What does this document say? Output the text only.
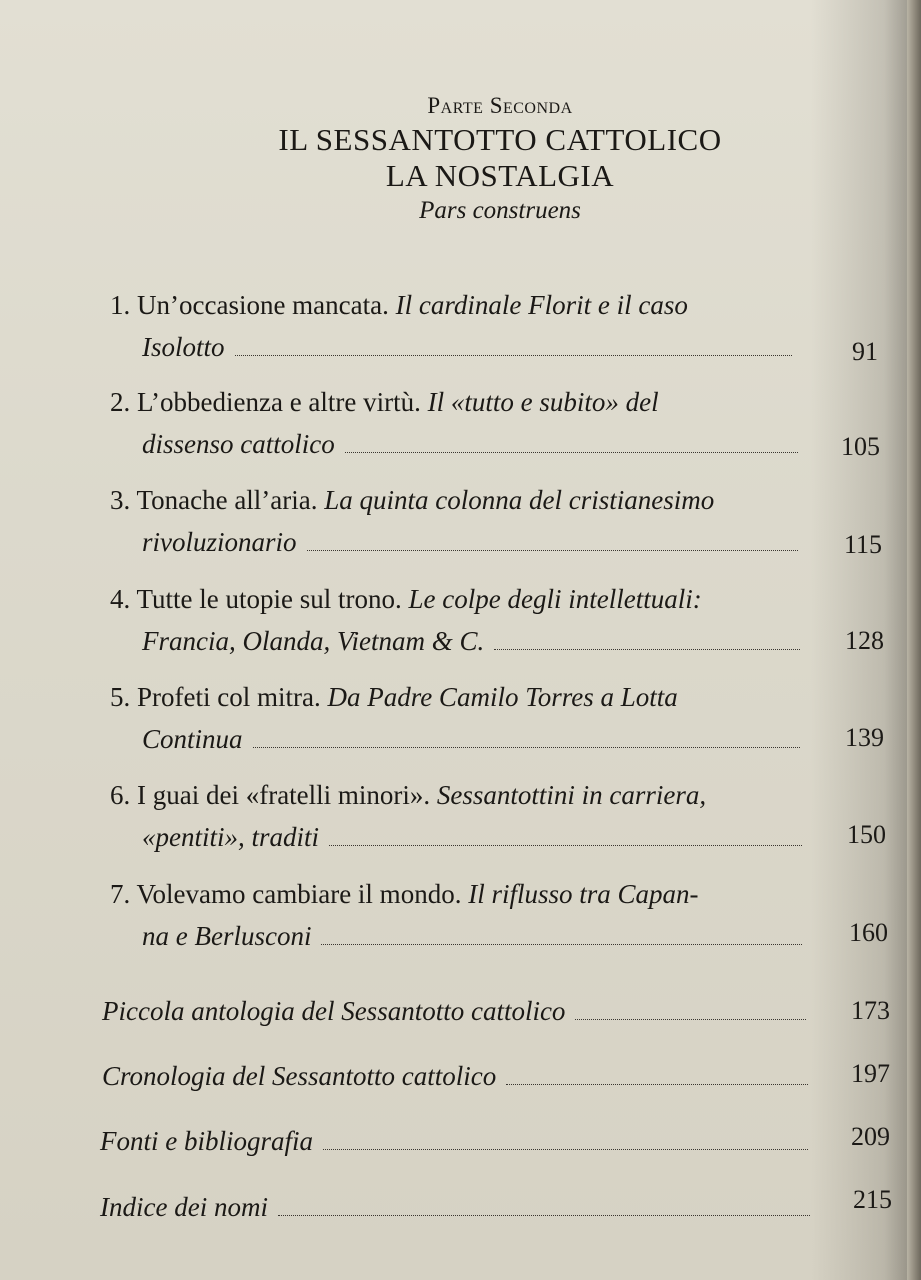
Parte Seconda
IL SESSANTOTTO CATTOLICO
LA NOSTALGIA
Pars construens
1. Un’occasione mancata. Il cardinale Florit e il caso
Isolotto	91
2. L’obbedienza e altre virtù. Il «tutto e subito» del
dissenso cattolico	105
3. Tonache all’aria. La quinta colonna del cristianesimo
rivoluzionario	115
4. Tutte le utopie sul trono. Le colpe degli intellettuali:
Francia, Olanda, Vietnam & C.	128
5. Profeti col mitra. Da Padre Camilo Torres a Lotta
Continua	139
6. I guai dei «fratelli minori». Sessantottini in carriera,
«pentiti», traditi	150
7. Volevamo cambiare il mondo. Il riflusso tra Capan-
na e Berlusconi	160
Piccola antologia del Sessantotto cattolico	173
Cronologia del Sessantotto cattolico	197
Fonti e bibliografia	209
Indice dei nomi	215
